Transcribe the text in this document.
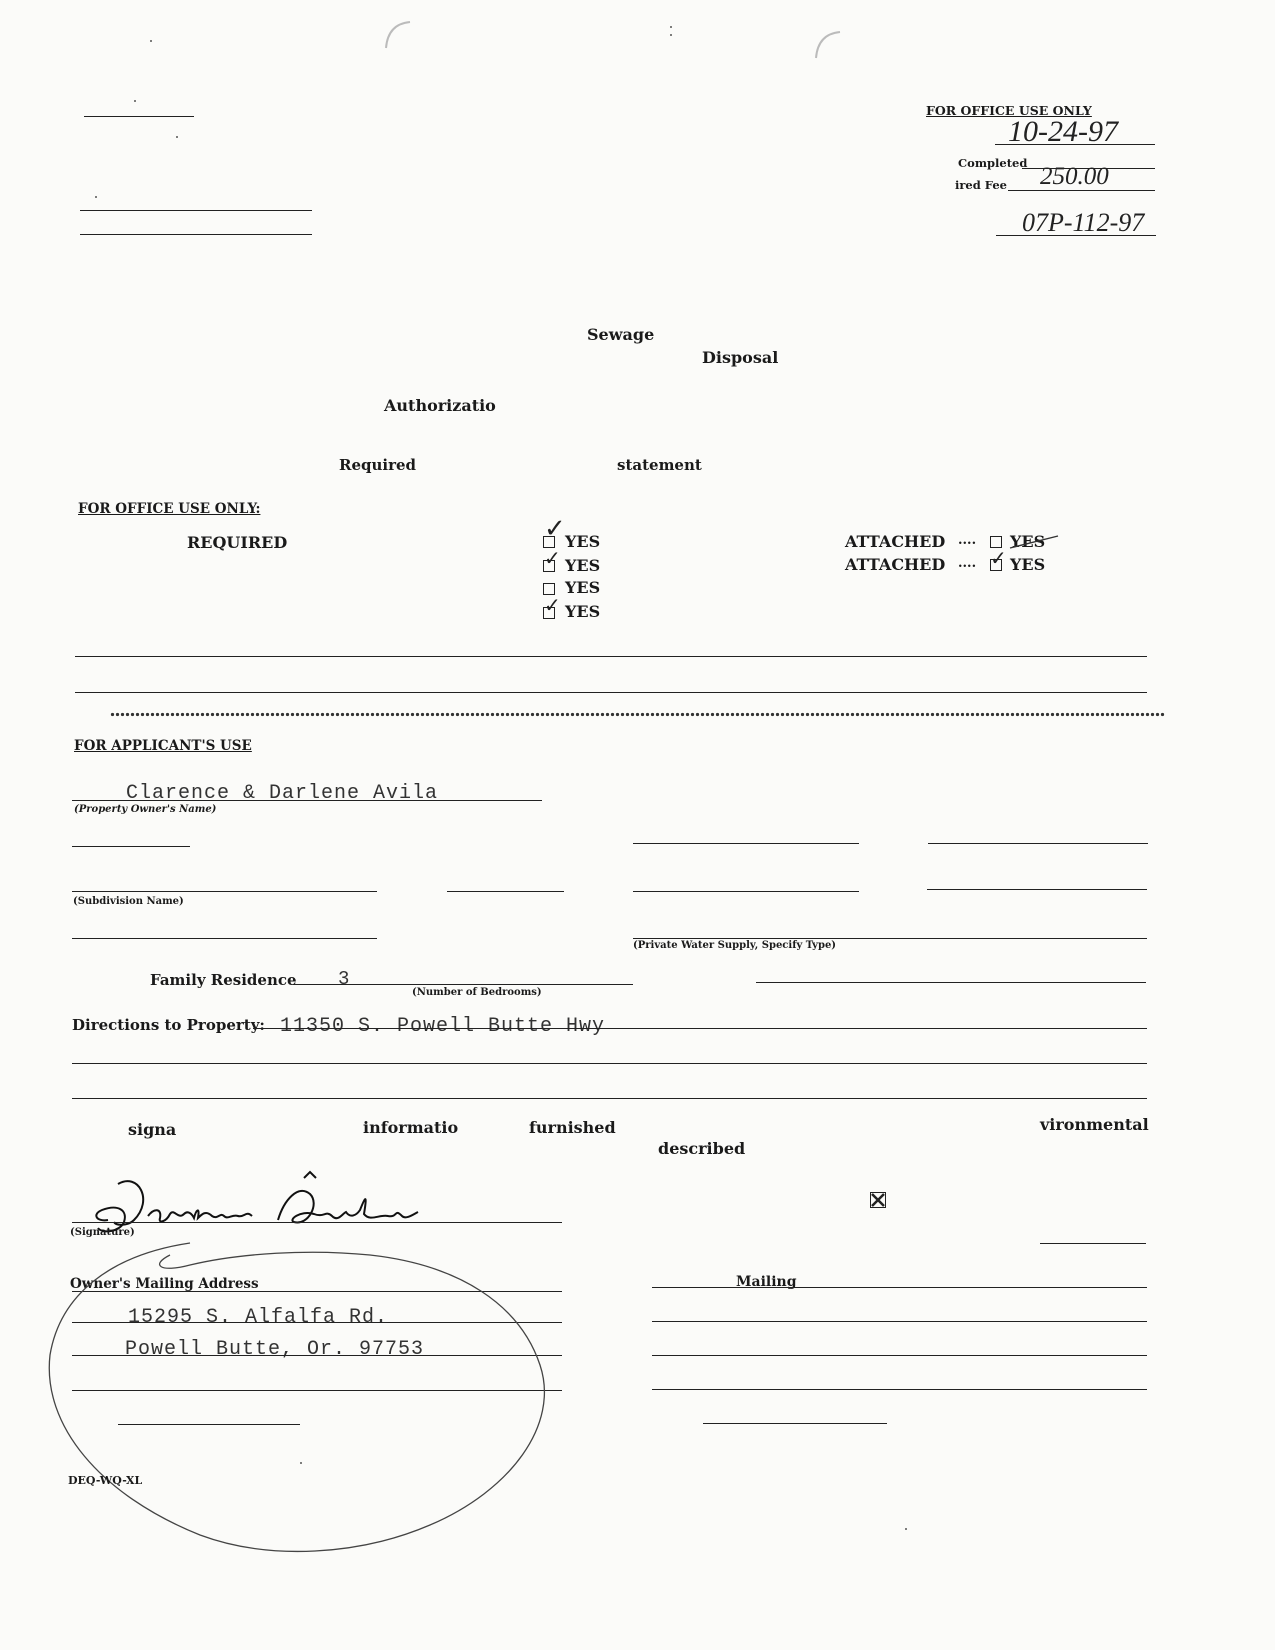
FOR OFFICE USE ONLY
10-24-97
Completed
ired Fee 250.00
07P-112-97
Sewage
Disposal
Authorizatio
Required	statement
FOR OFFICE USE ONLY:
REQUIRED	✓ YES
✓ YES
YES
✓ YES
ATTACHED .... YES
ATTACHED .... ✓ YES
FOR APPLICANT'S USE
Clarence & Darlene Avila
(Property Owner's Name)
(Subdivision Name)
(Private Water Supply, Specify Type)
Family Residence 3
(Number of Bedrooms)
Directions to Property: 11350 S. Powell Butte Hwy
signa	informatio	furnished
described
vironmental
(Signature)
Owner's Mailing Address
15295 S. Alfalfa Rd.
Powell Butte, Or. 97753
Mailing
DEQ-WQ-XL
